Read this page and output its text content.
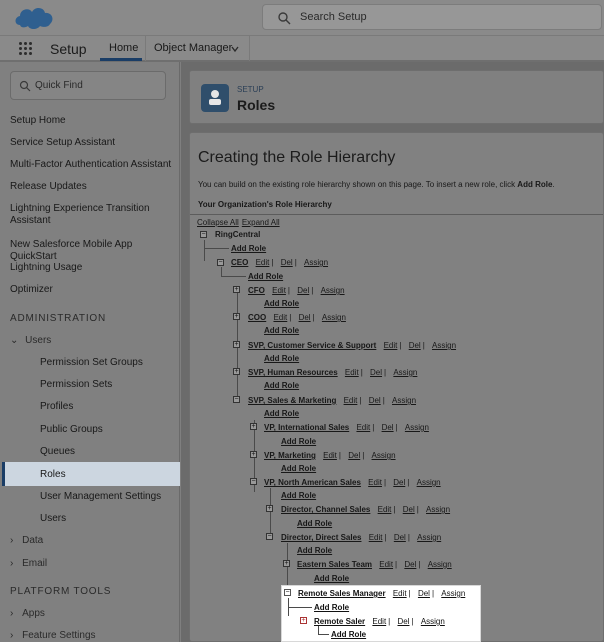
Search Setup
Setup	Home	Object Manager
Quick Find
Setup Home
Service Setup Assistant
Multi-Factor Authentication Assistant
Release Updates
Lightning Experience Transition Assistant
New Salesforce Mobile App QuickStart
Lightning Usage
Optimizer
ADMINISTRATION
⌄ Users
Permission Set Groups
Permission Sets
Profiles
Public Groups
Queues
Roles
User Management Settings
Users
› Data
› Email
PLATFORM TOOLS
› Apps
› Feature Settings
SETUP
Roles
Creating the Role Hierarchy
You can build on the existing role hierarchy shown on this page. To insert a new role, click Add Role.
Your Organization's Role Hierarchy
Collapse All Expand All
− RingCentral
Add Role
− CEO Edit | Del | Assign
Add Role
+ CFO Edit | Del | Assign
Add Role
+ COO Edit | Del | Assign
Add Role
+ SVP, Customer Service & Support Edit | Del | Assign
Add Role
+ SVP, Human Resources Edit | Del | Assign
Add Role
− SVP, Sales & Marketing Edit | Del | Assign
Add Role
+ VP, International Sales Edit | Del | Assign
Add Role
+ VP, Marketing Edit | Del | Assign
Add Role
− VP, North American Sales Edit | Del | Assign
Add Role
+ Director, Channel Sales Edit | Del | Assign
Add Role
− Director, Direct Sales Edit | Del | Assign
Add Role
+ Eastern Sales Team Edit | Del | Assign
Add Role
− Remote Sales Manager Edit | Del | Assign
Add Role
+ Remote Saler Edit | Del | Assign
Add Role
